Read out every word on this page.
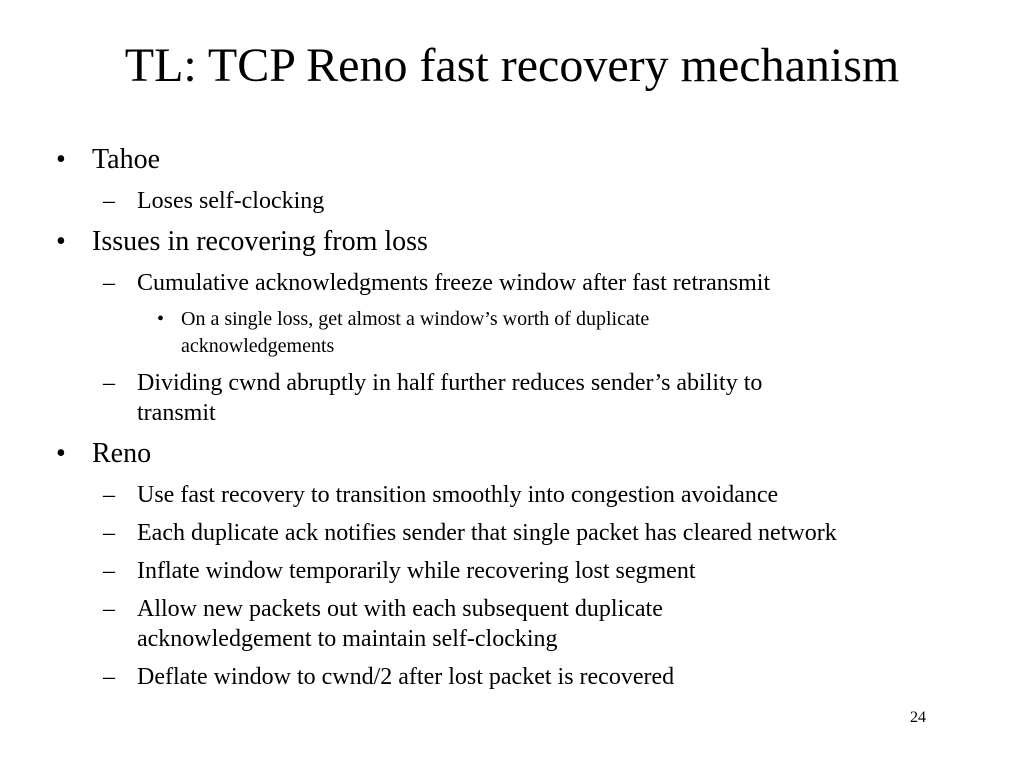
TL: TCP Reno fast recovery mechanism
• Tahoe
– Loses self-clocking
• Issues in recovering from loss
– Cumulative acknowledgments freeze window after fast retransmit
• On a single loss, get almost a window’s worth of duplicate
acknowledgements
– Dividing cwnd abruptly in half further reduces sender’s ability to
transmit
• Reno
– Use fast recovery to transition smoothly into congestion avoidance
– Each duplicate ack notifies sender that single packet has cleared network
– Inflate window temporarily while recovering lost segment
– Allow new packets out with each subsequent duplicate
acknowledgement to maintain self-clocking
– Deflate window to cwnd/2 after lost packet is recovered
24
